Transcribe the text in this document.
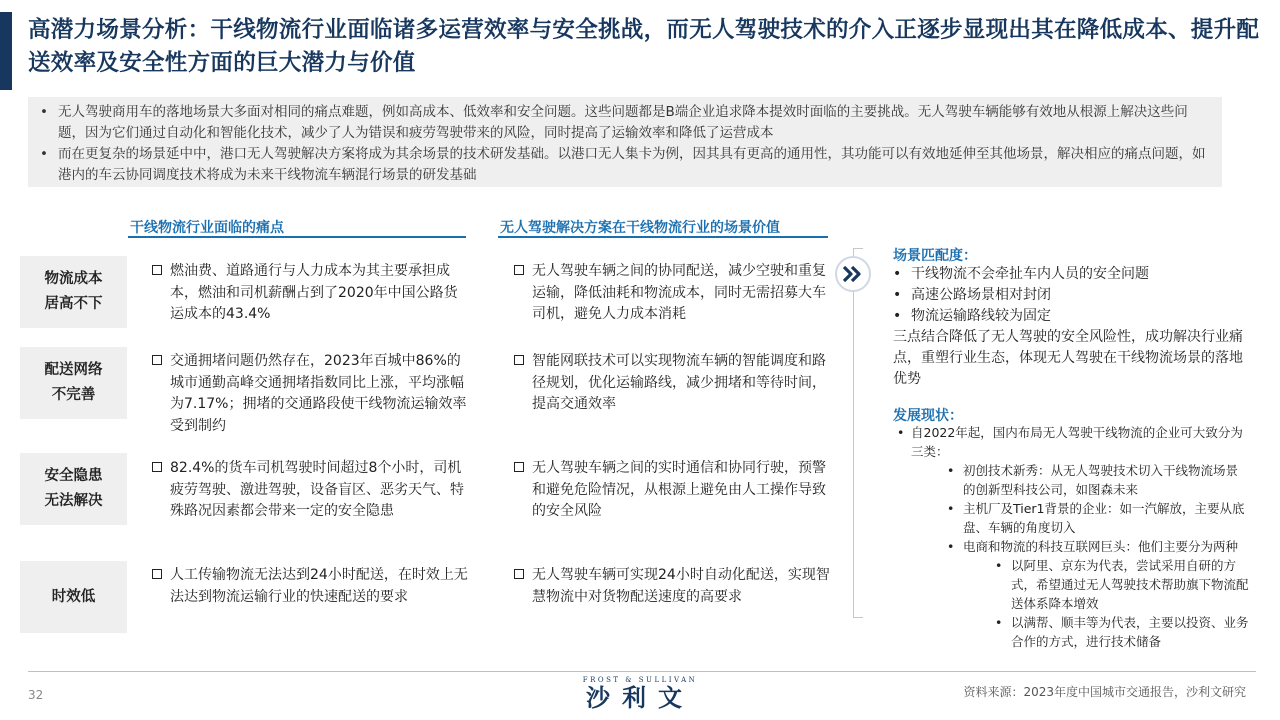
高潜力场景分析：干线物流行业面临诸多运营效率与安全挑战，而无人驾驶技术的介入正逐步显现出其在降低成本、提升配送效率及安全性方面的巨大潜力与价值
• 无人驾驶商用车的落地场景大多面对相同的痛点难题，例如高成本、低效率和安全问题。这些问题都是B端企业追求降本提效时面临的主要挑战。无人驾驶车辆能够有效地从根源上解决这些问题，因为它们通过自动化和智能化技术，减少了人为错误和疲劳驾驶带来的风险，同时提高了运输效率和降低了运营成本
• 而在更复杂的场景延中中，港口无人驾驶解决方案将成为其余场景的技术研发基础。以港口无人集卡为例，因其具有更高的通用性，其功能可以有效地延伸至其他场景，解决相应的痛点问题，如港内的车云协同调度技术将成为未来干线物流车辆混行场景的研发基础
干线物流行业面临的痛点	无人驾驶解决方案在干线物流行业的场景价值
物流成本
居高不下
燃油费、道路通行与人力成本为其主要承担成本，燃油和司机薪酬占到了2020年中国公路货运成本的43.4%
无人驾驶车辆之间的协同配送，减少空驶和重复运输，降低油耗和物流成本，同时无需招募大车司机，避免人力成本消耗
配送网络
不完善
交通拥堵问题仍然存在，2023年百城中86%的城市通勤高峰交通拥堵指数同比上涨，平均涨幅为7.17%；拥堵的交通路段使干线物流运输效率受到制约
智能网联技术可以实现物流车辆的智能调度和路径规划，优化运输路线，减少拥堵和等待时间，提高交通效率
安全隐患
无法解决
82.4%的货车司机驾驶时间超过8个小时，司机疲劳驾驶、激进驾驶，设备盲区、恶劣天气、特殊路况因素都会带来一定的安全隐患
无人驾驶车辆之间的实时通信和协同行驶，预警和避免危险情况，从根源上避免由人工操作导致的安全风险
时效低
人工传输物流无法达到24小时配送，在时效上无法达到物流运输行业的快速配送的要求
无人驾驶车辆可实现24小时自动化配送，实现智慧物流中对货物配送速度的高要求
场景匹配度：
• 干线物流不会牵扯车内人员的安全问题
• 高速公路场景相对封闭
• 物流运输路线较为固定
三点结合降低了无人驾驶的安全风险性，成功解决行业痛点，重塑行业生态，体现无人驾驶在干线物流场景的落地优势
发展现状：
• 自2022年起，国内布局无人驾驶干线物流的企业可大致分为三类：
• 初创技术新秀：从无人驾驶技术切入干线物流场景的创新型科技公司，如图森未来
• 主机厂及Tier1背景的企业：如一汽解放，主要从底盘、车辆的角度切入
• 电商和物流的科技互联网巨头：他们主要分为两种
• 以阿里、京东为代表，尝试采用自研的方式，希望通过无人驾驶技术帮助旗下物流配送体系降本增效
• 以满帮、顺丰等为代表，主要以投资、业务合作的方式，进行技术储备
32
FROST & SULLIVAN
沙利文	资料来源：2023年度中国城市交通报告，沙利文研究
